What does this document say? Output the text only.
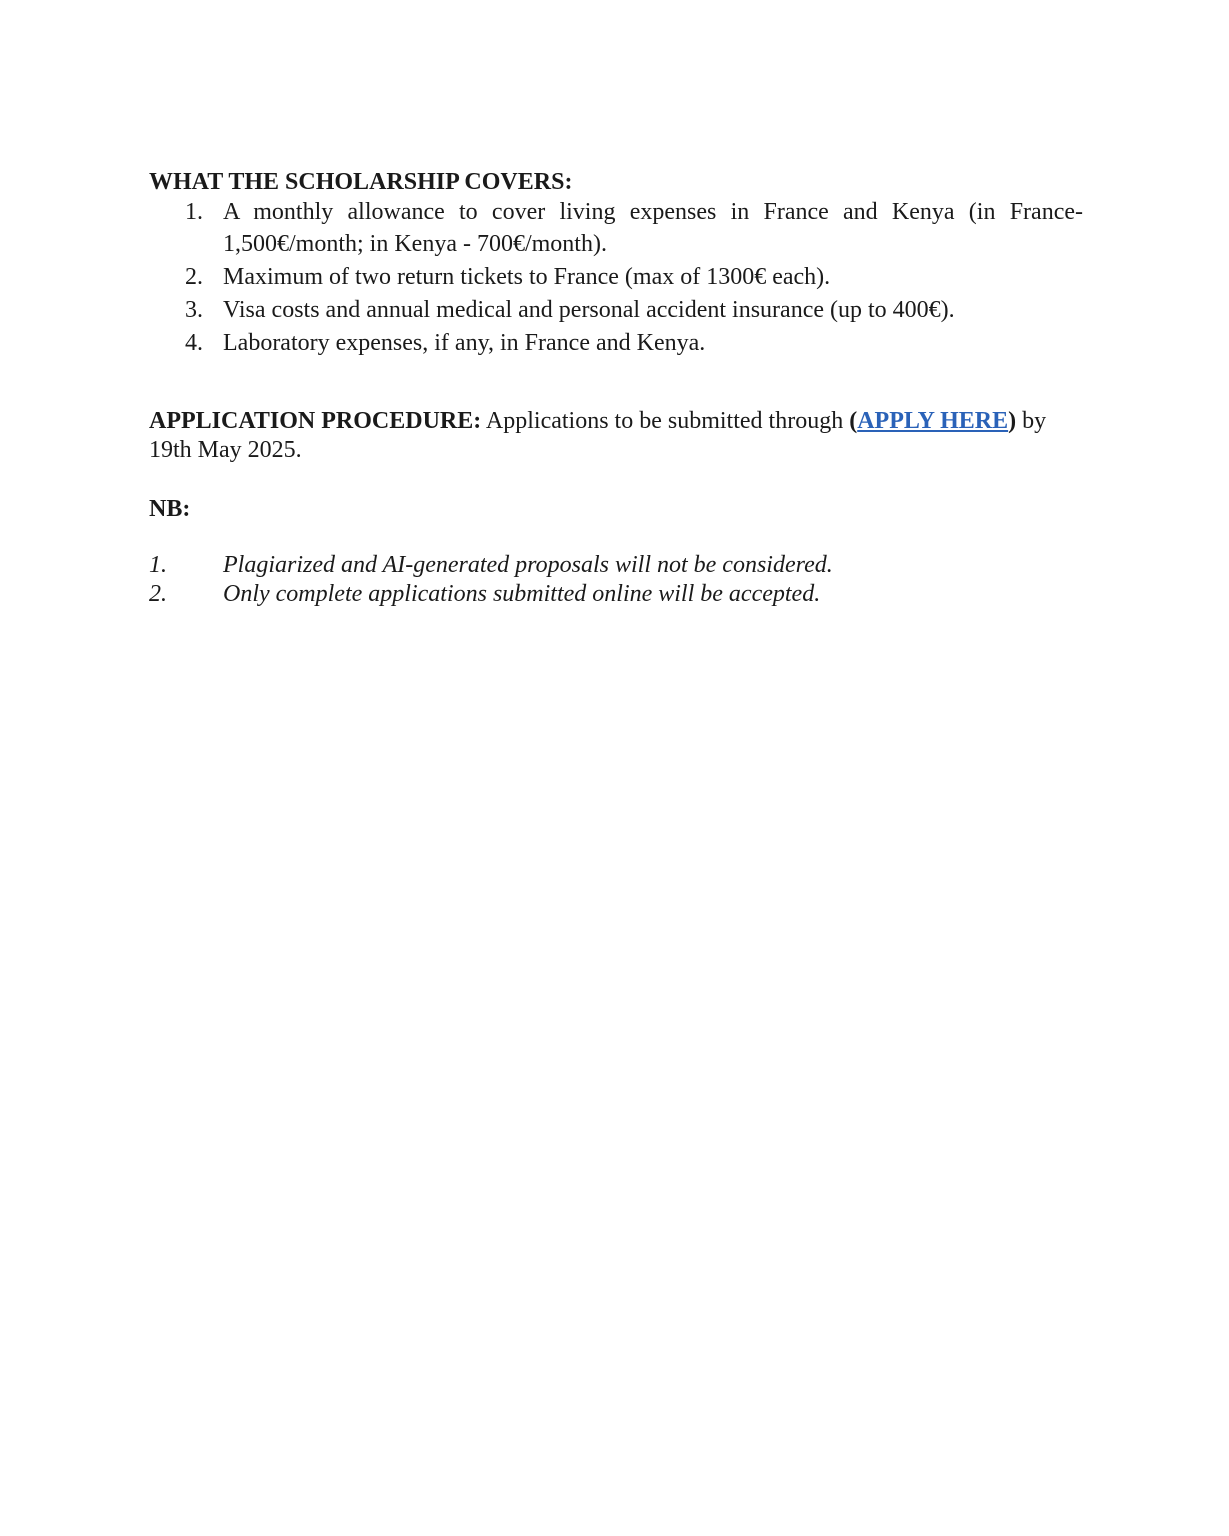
WHAT THE SCHOLARSHIP COVERS:

1. A monthly allowance to cover living expenses in France and Kenya (in France- 1,500€/month; in Kenya - 700€/month).
2. Maximum of two return tickets to France (max of 1300€ each).
3. Visa costs and annual medical and personal accident insurance (up to 400€).
4. Laboratory expenses, if any, in France and Kenya.

APPLICATION PROCEDURE: Applications to be submitted through (APPLY HERE) by 19th May 2025.

NB:

1. Plagiarized and AI-generated proposals will not be considered.
2. Only complete applications submitted online will be accepted.
